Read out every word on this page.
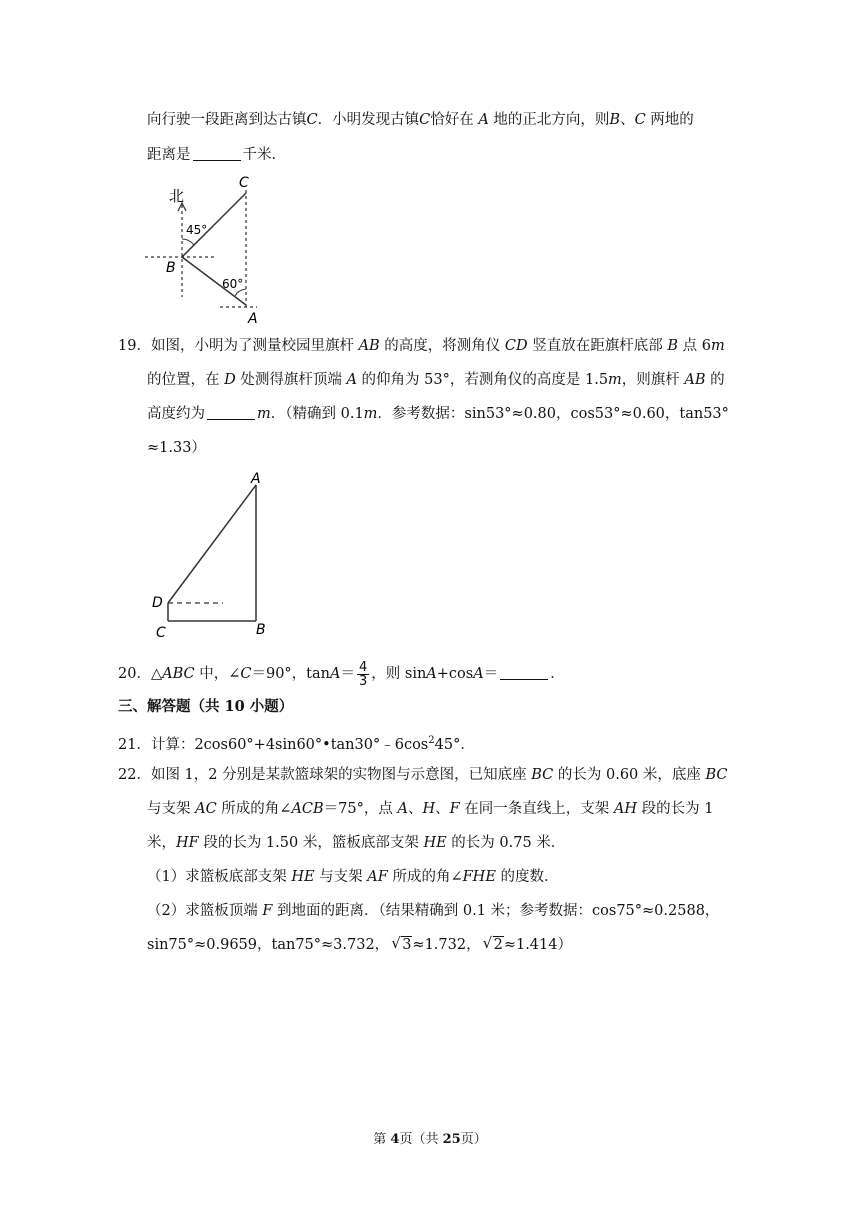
向行驶一段距离到达古镇C．小明发现古镇C恰好在 A 地的正北方向，则B、C 两地的
距离是	千米．
北
C
B
A
45°
60°
19．如图，小明为了测量校园里旗杆 AB 的高度，将测角仪 CD 竖直放在距旗杆底部 B 点 6m
的位置，在 D 处测得旗杆顶端 A 的仰角为 53°，若测角仪的高度是 1.5m，则旗杆 AB 的
高度约为	m．（精确到 0.1m．参考数据：sin53°≈0.80，cos53°≈0.60，tan53°
≈1.33）
A
D
C	B
20．△ABC 中，∠C＝90°，$\tan A= \frac{4}{3}$ ，则 sinA+cosA＝	．
三、解答题（共 10 小题）
21．计算：$2\cos 60^\circ+4\sin 60^\circ•\tan 30^\circ﹣6\cos^245^\circ$．
22．如图 1，2 分别是某款篮球架的实物图与示意图，已知底座 BC 的长为 0.60 米，底座 BC
与支架 AC 所成的角∠ACB＝75°，点 A、H、F 在同一条直线上，支架 AH 段的长为 1
米，HF 段的长为 1.50 米，篮板底部支架 HE 的长为 0.75 米．
（1）求篮板底部支架 HE 与支架 AF 所成的角∠FHE 的度数．
（2）求篮板顶端 F 到地面的距离．（结果精确到 0.1 米；参考数据：cos75°≈0.2588，
sin75°≈0.9659，tan75°≈3.732， √ 3≈1.732， √ 2≈1.414）
第 4页（共 25页）
